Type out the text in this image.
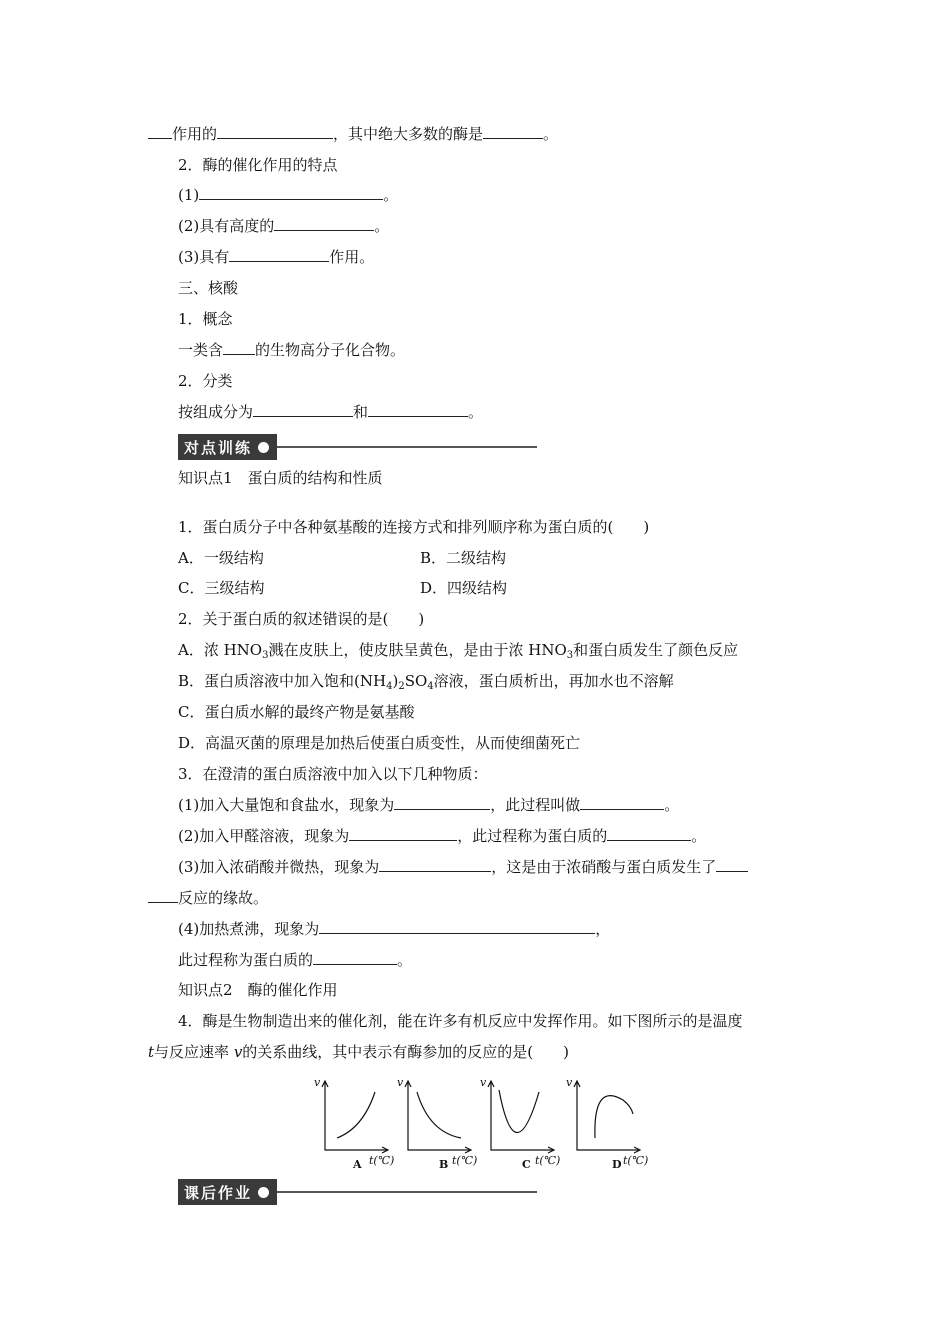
作用的	，其中绝大多数的酶是	。
2．酶的催化作用的特点
(1)	。
(2)具有高度的	。
(3)具有	作用。
三、核酸
1．概念
一类含 的生物高分子化合物。
2．分类
按组成分为	和	。
对点训练
知识点1　蛋白质的结构和性质
1．蛋白质分子中各种氨基酸的连接方式和排列顺序称为蛋白质的(　　)
A．一级结构	B．二级结构
C．三级结构	D．四级结构
2．关于蛋白质的叙述错误的是(　　)
A．浓 $HNO_3$溅在皮肤上，使皮肤呈黄色，是由于浓 $HNO_3$和蛋白质发生了颜色反应
B．蛋白质溶液中加入饱和$(NH_4)_2SO_4$溶液，蛋白质析出，再加水也不溶解
C．蛋白质水解的最终产物是氨基酸
D．高温灭菌的原理是加热后使蛋白质变性，从而使细菌死亡
3．在澄清的蛋白质溶液中加入以下几种物质：
(1)加入大量饱和食盐水，现象为	，此过程叫做	。
(2)加入甲醛溶液，现象为	，此过程称为蛋白质的	。
(3)加入浓硝酸并微热，现象为	，这是由于浓硝酸与蛋白质发生了
反应的缘故。
(4)加热煮沸，现象为	，
此过程称为蛋白质的	。
知识点2　酶的催化作用
4．酶是生物制造出来的催化剂，能在许多有机反应中发挥作用。如下图所示的是温度
t与反应速率 v的关系曲线，其中表示有酶参加的反应的是(　　)
v
t(℃)
A
v
t(℃)
B
v
t(℃)
C
v
t(℃)
D
课后作业
